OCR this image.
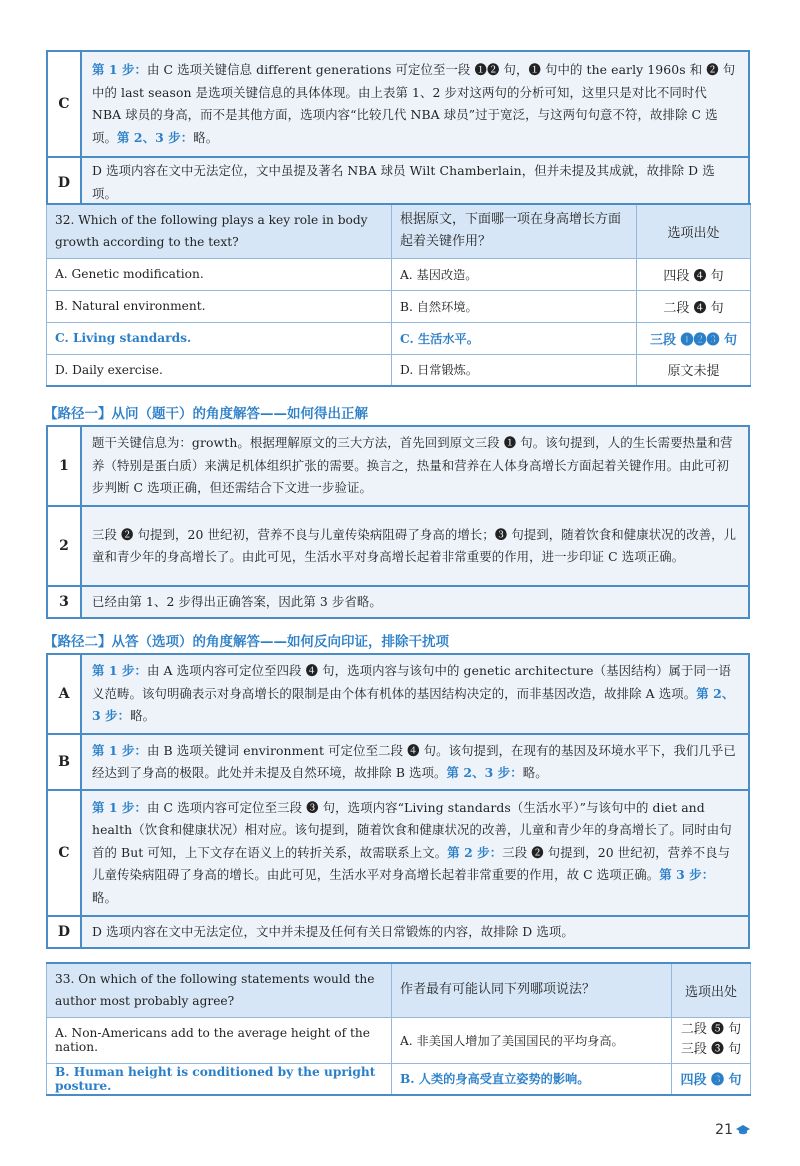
C	第 1 步：由 C 选项关键信息 different generations 可定位至一段 ❶❷ 句，❶ 句中的 the early 1960s 和 ❷ 句中的 last season 是选项关键信息的具体体现。由上表第 1、2 步对这两句的分析可知，这里只是对比不同时代 NBA 球员的身高，而不是其他方面，选项内容“比较几代 NBA 球员”过于宽泛，与这两句句意不符，故排除 C 选项。第 2、3 步：略。
D	D 选项内容在文中无法定位，文中虽提及著名 NBA 球员 Wilt Chamberlain，但并未提及其成就，故排除 D 选项。
32. Which of the following plays a key role in body growth according to the text?	根据原文，下面哪一项在身高增长方面起着关键作用？	选项出处
A. Genetic modification.	A. 基因改造。	四段 ❹ 句
B. Natural environment.	B. 自然环境。	二段 ❹ 句
C. Living standards.	C. 生活水平。	三段 ❶❷❸ 句
D. Daily exercise.	D. 日常锻炼。	原文未提
【路径一】从问（题干）的角度解答——如何得出正解
1	题干关键信息为：growth。根据理解原文的三大方法，首先回到原文三段 ❶ 句。该句提到，人的生长需要热量和营养（特别是蛋白质）来满足机体组织扩张的需要。换言之，热量和营养在人体身高增长方面起着关键作用。由此可初步判断 C 选项正确，但还需结合下文进一步验证。
2	三段 ❷ 句提到，20 世纪初，营养不良与儿童传染病阻碍了身高的增长；❸ 句提到，随着饮食和健康状况的改善，儿童和青少年的身高增长了。由此可见，生活水平对身高增长起着非常重要的作用，进一步印证 C 选项正确。
3	已经由第 1、2 步得出正确答案，因此第 3 步省略。
【路径二】从答（选项）的角度解答——如何反向印证，排除干扰项
A	第 1 步：由 A 选项内容可定位至四段 ❹ 句，选项内容与该句中的 genetic architecture（基因结构）属于同一语义范畴。该句明确表示对身高增长的限制是由个体有机体的基因结构决定的，而非基因改造，故排除 A 选项。第 2、3 步：略。
B	第 1 步：由 B 选项关键词 environment 可定位至二段 ❹ 句。该句提到，在现有的基因及环境水平下，我们几乎已经达到了身高的极限。此处并未提及自然环境，故排除 B 选项。第 2、3 步：略。
C	第 1 步：由 C 选项内容可定位至三段 ❸ 句，选项内容“Living standards（生活水平）”与该句中的 diet and health（饮食和健康状况）相对应。该句提到，随着饮食和健康状况的改善，儿童和青少年的身高增长了。同时由句首的 But 可知，上下文存在语义上的转折关系，故需联系上文。第 2 步：三段 ❷ 句提到，20 世纪初，营养不良与儿童传染病阻碍了身高的增长。由此可见，生活水平对身高增长起着非常重要的作用，故 C 选项正确。第 3 步：略。
D	D 选项内容在文中无法定位，文中并未提及任何有关日常锻炼的内容，故排除 D 选项。
33. On which of the following statements would the author most probably agree?	作者最有可能认同下列哪项说法？	选项出处
A. Non-Americans add to the average height of the nation.	A. 非美国人增加了美国国民的平均身高。	二段 ❺ 句
三段 ❸ 句
B. Human height is conditioned by the upright posture.	B. 人类的身高受直立姿势的影响。	四段 ❸ 句
21
